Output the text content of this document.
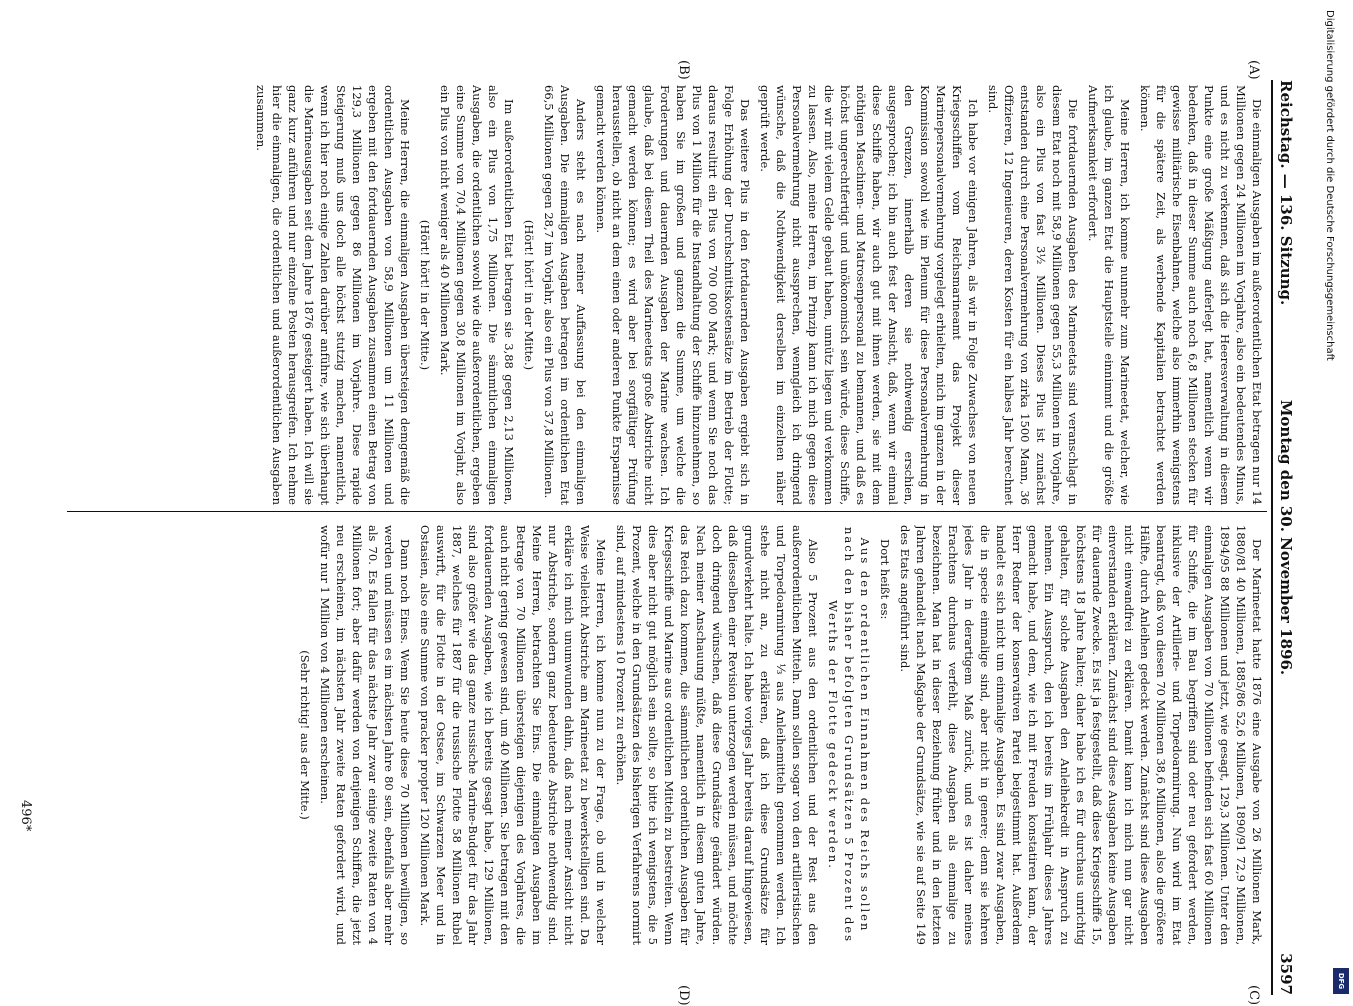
Reichstag. — 136. Sitzung.
Montag den 30. November 1896.
3597
(A)
(B)
(C)
(D)

Die einmaligen Ausgaben im außerordentlichen Etat betragen nur 14 Millionen gegen 24 Millionen im Vorjahre, also ein bedeutendes Minus, und es nicht zu verkennen, daß sich die Heeresverwaltung in diesem Punkte eine große Mäßigung auferlegt hat, namentlich wenn wir bedenken, daß in dieser Summe auch noch 6,8 Millionen stecken für gewisse militärische Eisenbahnen, welche also immerhin wenigstens für die spätere Zeit, als werbende Kapitalien betrachtet werden können.

Meine Herren, ich komme nunmehr zum Marineetat, welcher, wie ich glaube, im ganzen Etat die Hauptstelle einnimmt und die größte Aufmerksamkeit erfordert.

Die fortdauernden Ausgaben des Marineetats sind veranschlagt in diesem Etat noch mit 58,9 Millionen gegen 55,3 Millionen im Vorjahre, also ein Plus von fast 3½ Millionen. Dieses Plus ist zunächst entstanden durch eine Personalvermehrung von zirka 1500 Mann, 36 Offizieren, 12 Ingenieuren, deren Kosten für ein halbes Jahr berechnet sind.

Ich habe vor einigen Jahren, als wir in Folge Zuwachses von neuen Kriegsschiffen vom Reichsmarineamt das Projekt dieser Marinepersonalvermehrung vorgelegt erhielten, mich im ganzen in der Kommission sowohl wie im Plenum für diese Personalvermehrung in den Grenzen, innerhalb deren sie nothwendig erschien, ausgesprochen; ich bin auch fest der Ansicht, daß, wenn wir einmal diese Schiffe haben, wir auch gut mit ihnen werden, sie mit dem nöthigen Maschinen- und Matrosenpersonal zu bemannen, und daß es höchst ungerechtfertigt und unökonomisch sein würde, diese Schiffe, die wir mit vielem Gelde gebaut haben, unnütz liegen und verkommen zu lassen. Also, meine Herren, im Prinzip kann ich mich gegen diese Personalvermehrung nicht aussprechen, wenngleich ich dringend wünsche, daß die Nothwendigkeit derselben im einzelnen näher geprüft werde.

Das weitere Plus in den fortdauernden Ausgaben ergiebt sich in Folge Erhöhung der Durchschnittskostensätze im Betrieb der Flotte; daraus resultirt ein Plus von 700 000 Mark; und wenn Sie noch das Plus von 1 Million für die Instandhaltung der Schiffe hinzunehmen, so haben Sie im großen und ganzen die Summe, um welche die Forderungen und dauernden Ausgaben der Marine wachsen. Ich glaube, daß bei diesem Theil des Marineetats große Abstriche nicht gemacht werden können; es wird aber bei sorgfältiger Prüfung herausstellen, ob nicht an dem einen oder anderen Punkte Ersparnisse gemacht werden können.

Anders steht es nach meiner Auffassung bei den einmaligen Ausgaben. Die einmaligen Ausgaben betragen im ordentlichen Etat 66,5 Millionen gegen 28,7 im Vorjahr, also ein Plus von 37,8 Millionen.

(Hört! hört! in der Mitte.)

Im außerordentlichen Etat betragen sie 3,88 gegen 2,13 Millionen, also ein Plus von 1,75 Millionen. Die sämmtlichen einmaligen Ausgaben, die ordentlichen sowohl wie die außerordentlichen, ergeben eine Summe von 70,4 Millionen gegen 30,8 Millionen im Vorjahr, also ein Plus von nicht weniger als 40 Millionen Mark.

(Hört! hört! in der Mitte.)

Meine Herren, die einmaligen Ausgaben übersteigen demgemäß die ordentlichen Ausgaben von 58,9 Millionen um 11 Millionen und ergeben mit den fortdauernden Ausgaben zusammen einen Betrag von 129,3 Millionen gegen 86 Millionen im Vorjahre. Diese rapide Steigerung muß uns doch alle höchst stutzig machen, namentlich, wenn ich hier noch einige Zahlen darüber anführe, wie sich überhaupt die Marineausgaben seit dem Jahre 1876 gesteigert haben. Ich will sie ganz kurz anführen und nur einzelne Posten herausgreifen. Ich nehme hier die einmaligen, die ordentlichen und außerordentlichen Ausgaben zusammen.

Der Marineetat hatte 1876 eine Ausgabe von 26 Millionen Mark, 1880/81 40 Millionen, 1885/86 52,6 Millionen, 1890/91 72,9 Millionen, 1894/95 88 Millionen und jetzt, wie gesagt, 129,3 Millionen. Unter den einmaligen Ausgaben von 70 Millionen befinden sich fast 60 Millionen für Schiffe, die im Bau begriffen sind oder neu gefordert werden, inklusive der Artillerie- und Torpedoarmirung. Nun wird im Etat beantragt, daß von diesen 70 Millionen 38,6 Millionen, also die größere Hälfte, durch Anleihen gedeckt werden. Zunächst sind diese Ausgaben nicht einwandfrei zu erklären. Damit kann ich mich nun gar nicht einverstanden erklären. Zunächst sind diese Ausgaben keine Ausgaben für dauernde Zwecke. Es ist ja festgestellt, daß diese Kriegsschiffe 15, höchstens 18 Jahre halten; daher habe ich es für durchaus unrichtig gehalten, für solche Ausgaben den Anleihekredit in Anspruch zu nehmen. Ein Ausspruch, den ich bereits im Frühjahr dieses Jahres gemacht habe, und dem, wie ich mit Freuden konstatiren kann, der Herr Redner der konservativen Partei beigestimmt hat. Außerdem handelt es sich nicht um einmalige Ausgaben. Es sind zwar Ausgaben, die in specie einmalige sind, aber nicht in genere; denn sie kehren jedes Jahr in derartigem Maß zurück, und es ist daher meines Erachtens durchaus verfehlt, diese Ausgaben als einmalige zu bezeichnen. Man hat in dieser Beziehung früher und in den letzten Jahren gehandelt nach Maßgabe der Grundsätze, wie sie auf Seite 149 des Etats angeführt sind.

Dort heißt es:

Aus den ordentlichen Einnahmen des Reichs sollen nach den bisher befolgten Grundsätzen 5 Prozent des Werths der Flotte gedeckt werden.

Also 5 Prozent aus den ordentlichen und der Rest aus den außerordentlichen Mitteln. Dann sollen sogar von den artilleristischen und Torpedoarmirung ⅓ aus Anleihemitteln genommen werden. Ich stehe nicht an, zu erklären, daß ich diese Grundsätze für grundverkehrt halte. Ich habe voriges Jahr bereits darauf hingewiesen, daß diesselben einer Revision unterzogen werden müssen, und möchte doch dringend wünschen, daß diese Grundsätze geändert würden. Nach meiner Anschauung müßte, namentlich in diesem guten Jahre, das Reich dazu kommen, die sämmtlichen ordentlichen Ausgaben für Kriegsschiffe und Marine aus ordentlichen Mitteln zu bestreiten. Wenn dies aber nicht gut möglich sein sollte, so bitte ich wenigstens, die 5 Prozent, welche in den Grundsätzen des bisherigen Verfahrens normirt sind, auf mindestens 10 Prozent zu erhöhen.

Meine Herren, ich komme nun zu der Frage, ob und in welcher Weise vielleicht Abstriche am Marineetat zu bewerkstelligen sind. Da erkläre ich mich unumwunden dahin, daß nach meiner Ansicht nicht nur Abstriche, sondern ganz bedeutende Abstriche nothwendig sind. Meine Herren, betrachten Sie Eins. Die einmaligen Ausgaben im Betrage von 70 Millionen übersteigen diejenigen des Vorjahres, die auch nicht gering gewesen sind, um 40 Millionen. Sie betragen mit den fortdauernden Ausgaben, wie ich bereits gesagt habe, 129 Millionen, sind also größer wie das ganze russische Marine-Budget für das Jahr 1887, welches für 1887 für die russische Flotte 58 Millionen Rubel auswirft, für die Flotte in der Ostsee, im Schwarzen Meer und in Ostasien, also eine Summe von pracker propter 120 Millionen Mark.

Dann noch Eines. Wenn Sie heute diese 70 Millionen bewilligen, so werden und müssen es im nächsten Jahre 80 sein, ebenfalls aber mehr als 70. Es fallen für das nächste Jahr zwar einige zweite Raten von 4 Millionen fort; aber dafür werden von denjenigen Schiffen, die jetzt neu erscheinen, im nächsten Jahr zweite Raten gefordert wird, und wofür nur 1 Million von 4 Millionen erscheinen.

(Sehr richtig! aus der Mitte.)

496*
Digitalisierung gefördert durch die Deutsche Forschungsgemeinschaft
DFG
